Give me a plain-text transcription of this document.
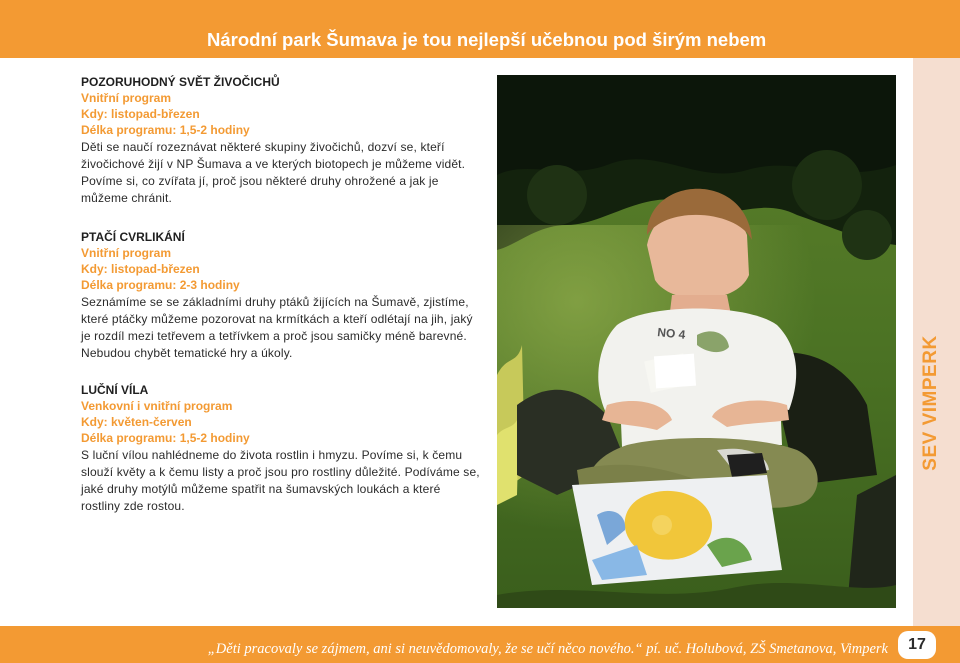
Národní park Šumava je tou nejlepší učebnou pod širým nebem
POZORUHODNÝ SVĚT ŽIVOČICHŮ
Vnitřní program
Kdy: listopad-březen
Délka programu: 1,5-2 hodiny
Děti se naučí rozeznávat některé skupiny živočichů, dozví se, kteří živočichové žijí v NP Šumava a ve kterých biotopech je můžeme vidět. Povíme si, co zvířata jí, proč jsou některé druhy ohrožené a jak je můžeme chránit.
PTAČÍ CVRLIKÁNÍ
Vnitřní program
Kdy: listopad-březen
Délka programu: 2-3 hodiny
Seznámíme se se základními druhy ptáků žijících na Šumavě, zjistíme, které ptáčky můžeme pozorovat na krmítkách a kteří odlétají na jih, jaký je rozdíl mezi tetřevem a tetřívkem a proč jsou samičky méně barevné. Nebudou chybět tematické hry a úkoly.
LUČNÍ VÍLA
Venkovní i vnitřní program
Kdy: květen-červen
Délka programu: 1,5-2 hodiny
S luční vílou nahlédneme do života rostlin i hmyzu. Povíme si, k čemu slouží květy a k čemu listy a proč jsou pro rostliny důležité. Podíváme se, jaké druhy motýlů můžeme spatřit na šumavských loukách a které rostliny zde rostou.
NO 4
SEV VIMPERK
„Děti pracovaly se zájmem, ani si neuvědomovaly, že se učí něco nového.“ pí. uč. Holubová, ZŠ Smetanova, Vimperk	17
